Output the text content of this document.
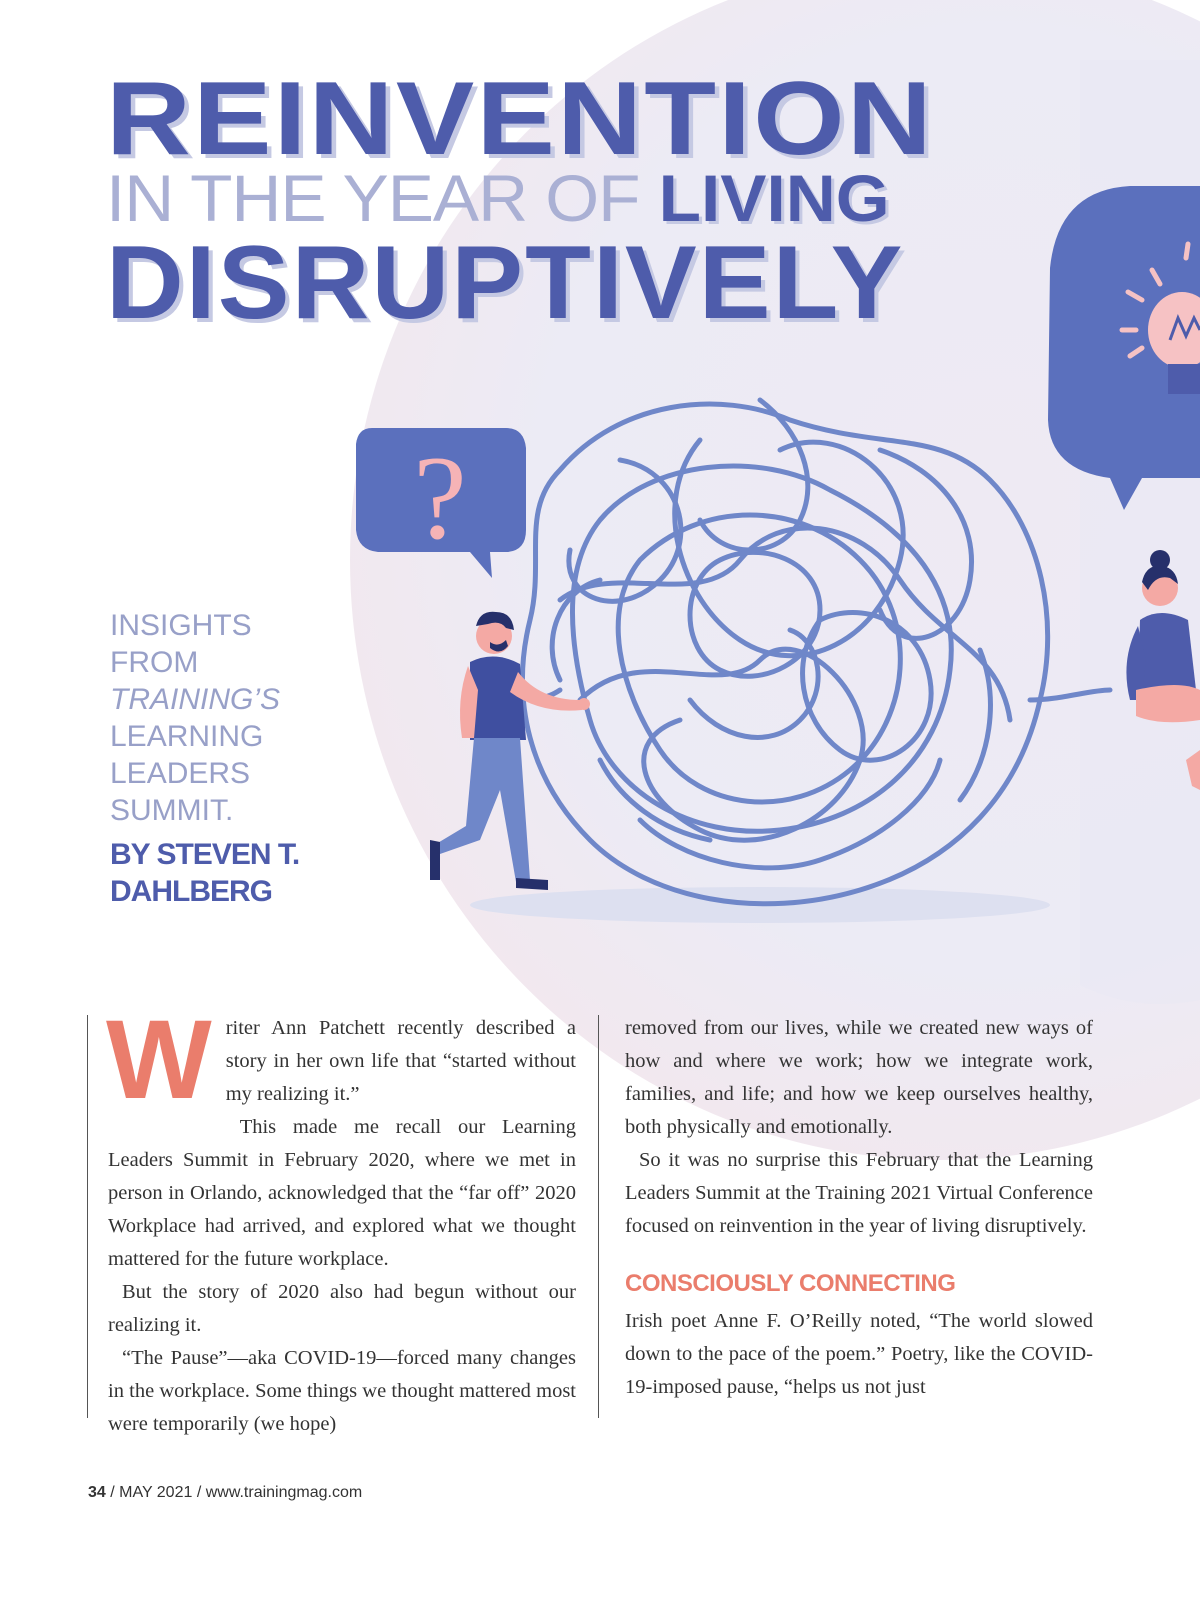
?
REINVENTION
IN THE YEAR OF LIVING
DISRUPTIVELY
INSIGHTS
FROM
TRAINING’S
LEARNING
LEADERS
SUMMIT.
BY STEVEN T.
DAHLBERG
W riter Ann Patchett recently described a story in her own life that “started without my realizing it.”

This made me recall our Learning Leaders Summit in February 2020, where we met in person in Orlando, acknowledged that the “far off” 2020 Workplace had arrived, and explored what we thought mattered for the future workplace.

But the story of 2020 also had begun without our realizing it.

“The Pause”—aka COVID-19—forced many changes in the workplace. Some things we thought mattered most were temporarily (we hope)

removed from our lives, while we created new ways of how and where we work; how we integrate work, families, and life; and how we keep ourselves healthy, both physically and emotionally.

So it was no surprise this February that the Learning Leaders Summit at the Training 2021 Virtual Conference focused on reinvention in the year of living disruptively.

CONSCIOUSLY CONNECTING

Irish poet Anne F. O’Reilly noted, “The world slowed down to the pace of the poem.” Poetry, like the COVID-19-imposed pause, “helps us not just

34 / MAY 2021 / www.trainingmag.com
